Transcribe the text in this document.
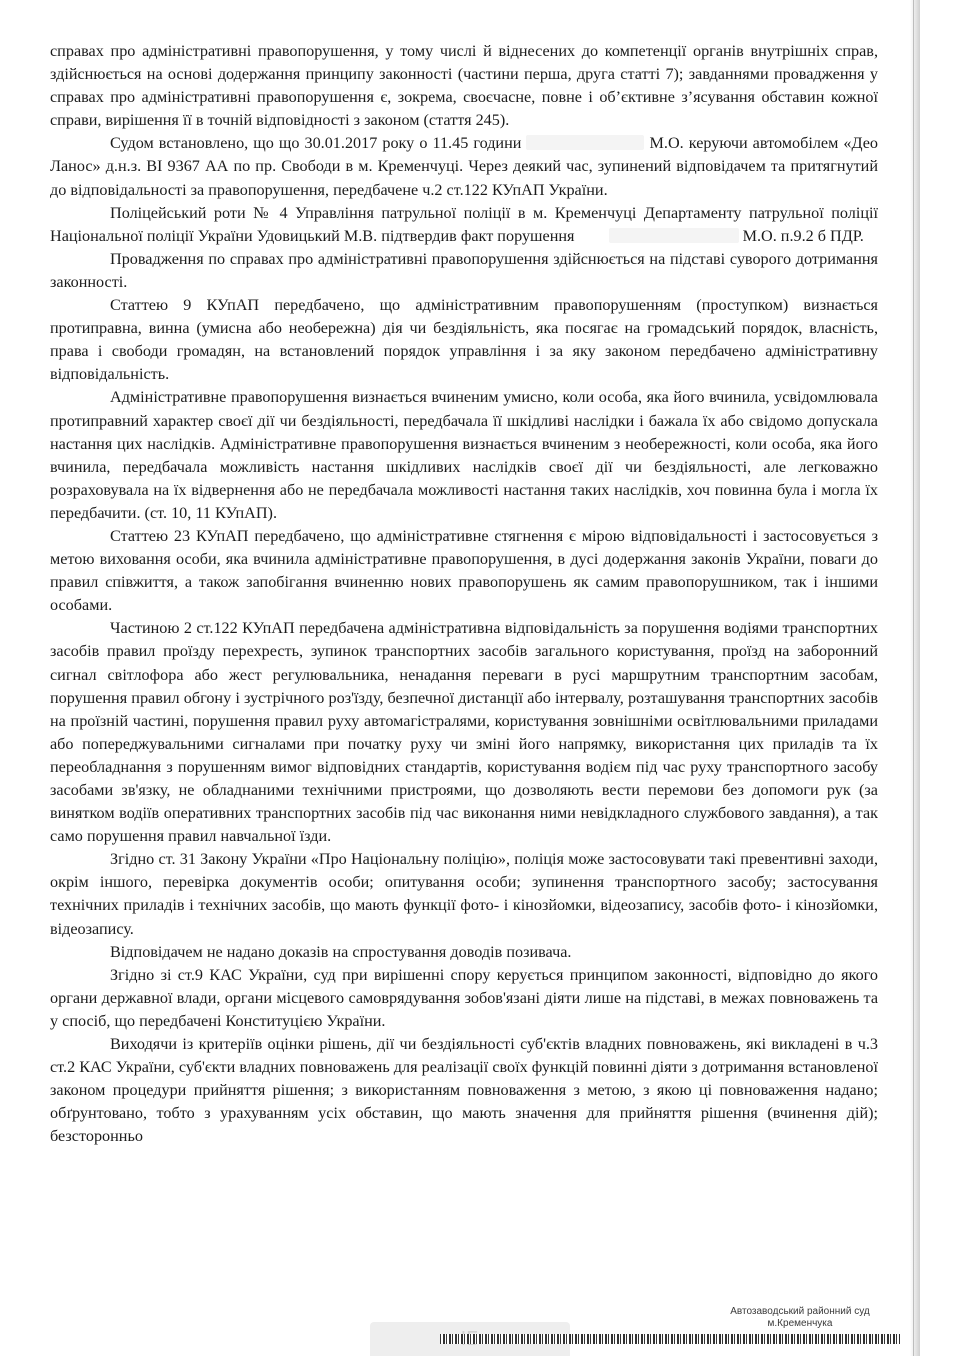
справах про адміністративні правопорушення, у тому числі й віднесених до компетенції органів внутрішніх справ, здійснюється на основі додержання принципу законності (частини перша, друга статті 7); завданнями провадження у справах про адміністративні правопорушення є, зокрема, своєчасне, повне і об’єктивне з’ясування обставин кожної справи, вирішення її в точній відповідності з законом (стаття 245).

Судом встановлено, що що 30.01.2017 року о 11.45 години	М.О. керуючи автомобілем «Део Ланос» д.н.з. ВІ 9367 АА по пр. Свободи в м. Кременчуці. Через деякий час, зупинений відповідачем та притягнутий до відповідальності за правопорушення, передбачене ч.2 ст.122 КУпАП України.

Поліцейський роти № 4 Управління патрульної поліції в м. Кременчуці Департаменту патрульної поліції Національної поліції України Удовицький М.В. підтвердив факт порушення	М.О. п.9.2 б ПДР.

Провадження по справах про адміністративні правопорушення здійснюється на підставі суворого дотримання законності.

Статтею 9 КУпАП передбачено, що адміністративним правопорушенням (проступком) визнається протиправна, винна (умисна або необережна) дія чи бездіяльність, яка посягає на громадський порядок, власність, права і свободи громадян, на встановлений порядок управління і за яку законом передбачено адміністративну відповідальність.

Адміністративне правопорушення визнається вчиненим умисно, коли особа, яка його вчинила, усвідомлювала протиправний характер своєї дії чи бездіяльності, передбачала її шкідливі наслідки і бажала їх або свідомо допускала настання цих наслідків. Адміністративне правопорушення визнається вчиненим з необережності, коли особа, яка його вчинила, передбачала можливість настання шкідливих наслідків своєї дії чи бездіяльності, але легковажно розраховувала на їх відвернення або не передбачала можливості настання таких наслідків, хоч повинна була і могла їх передбачити. (ст. 10, 11 КУпАП).

Статтею 23 КУпАП передбачено, що адміністративне стягнення є мірою відповідальності і застосовується з метою виховання особи, яка вчинила адміністративне правопорушення, в дусі додержання законів України, поваги до правил співжиття, а також запобігання вчиненню нових правопорушень як самим правопорушником, так і іншими особами.

Частиною 2 ст.122 КУпАП передбачена адміністративна відповідальність за порушення водіями транспортних засобів правил проїзду перехресть, зупинок транспортних засобів загального користування, проїзд на заборонний сигнал світлофора або жест регулювальника, ненадання переваги в русі маршрутним транспортним засобам, порушення правил обгону і зустрічного роз'їзду, безпечної дистанції або інтервалу, розташування транспортних засобів на проїзній частині, порушення правил руху автомагістралями, користування зовнішніми освітлювальними приладами або попереджувальними сигналами при початку руху чи зміні його напрямку, використання цих приладів та їх переобладнання з порушенням вимог відповідних стандартів, користування водієм під час руху транспортного засобу засобами зв'язку, не обладнаними технічними пристроями, що дозволяють вести перемови без допомоги рук (за винятком водіїв оперативних транспортних засобів під час виконання ними невідкладного службового завдання), а так само порушення правил навчальної їзди.

Згідно ст. 31 Закону України «Про Національну поліцію», поліція може застосовувати такі превентивні заходи, окрім іншого, перевірка документів особи; опитування особи; зупинення транспортного засобу; застосування технічних приладів і технічних засобів, що мають функції фото- і кінозйомки, відеозапису, засобів фото- і кінозйомки, відеозапису.

Відповідачем не надано доказів на спростування доводів позивача.

Згідно зі ст.9 КАС України, суд при вирішенні спору керується принципом законності, відповідно до якого органи державної влади, органи місцевого самоврядування зобов'язані діяти лише на підставі, в межах повноважень та у спосіб, що передбачені Конституцією України.

Виходячи із критеріїв оцінки рішень, дії чи бездіяльності суб'єктів владних повноважень, які викладені в ч.3 ст.2 КАС України, суб'єкти владних повноважень для реалізації своїх функцій повинні діяти з дотримання встановленої законом процедури прийняття рішення; з використанням повноваження з метою, з якою ці повноваження надано; обґрунтовано, тобто з урахуванням усіх обставин, що мають значення для прийняття рішення (вчинення дій); безсторонньо

Автозаводський районний суд
м.Кременчука
